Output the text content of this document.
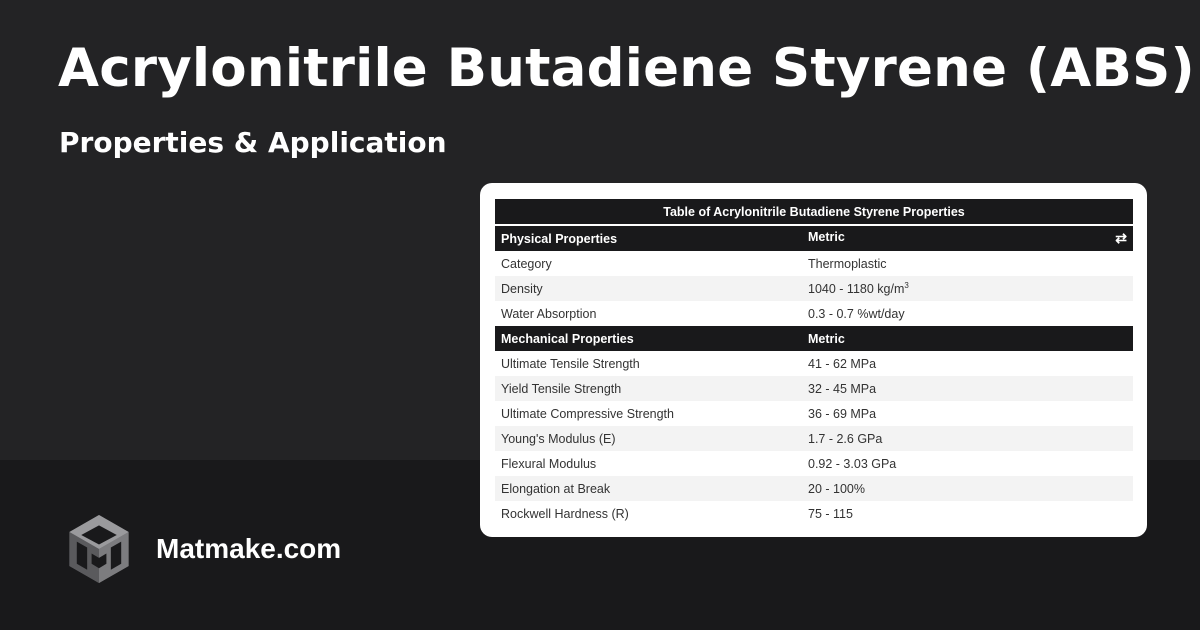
Acrylonitrile Butadiene Styrene (ABS)
Properties & Application
Matmake.com
Table of Acrylonitrile Butadiene Styrene Properties	
Physical Properties	Metric ⇄

Category	Thermoplastic
Density	1040 - 1180 $kg/m^3$
Water Absorption	0.3 - 0.7 %wt/day
Mechanical Properties	Metric
Ultimate Tensile Strength	41 - 62 MPa
Yield Tensile Strength	32 - 45 MPa
Ultimate Compressive Strength	36 - 69 MPa
Young's Modulus (E)	1.7 - 2.6 GPa
Flexural Modulus	0.92 - 3.03 GPa
Elongation at Break	20 - 100%
Rockwell Hardness (R)	75 - 115
